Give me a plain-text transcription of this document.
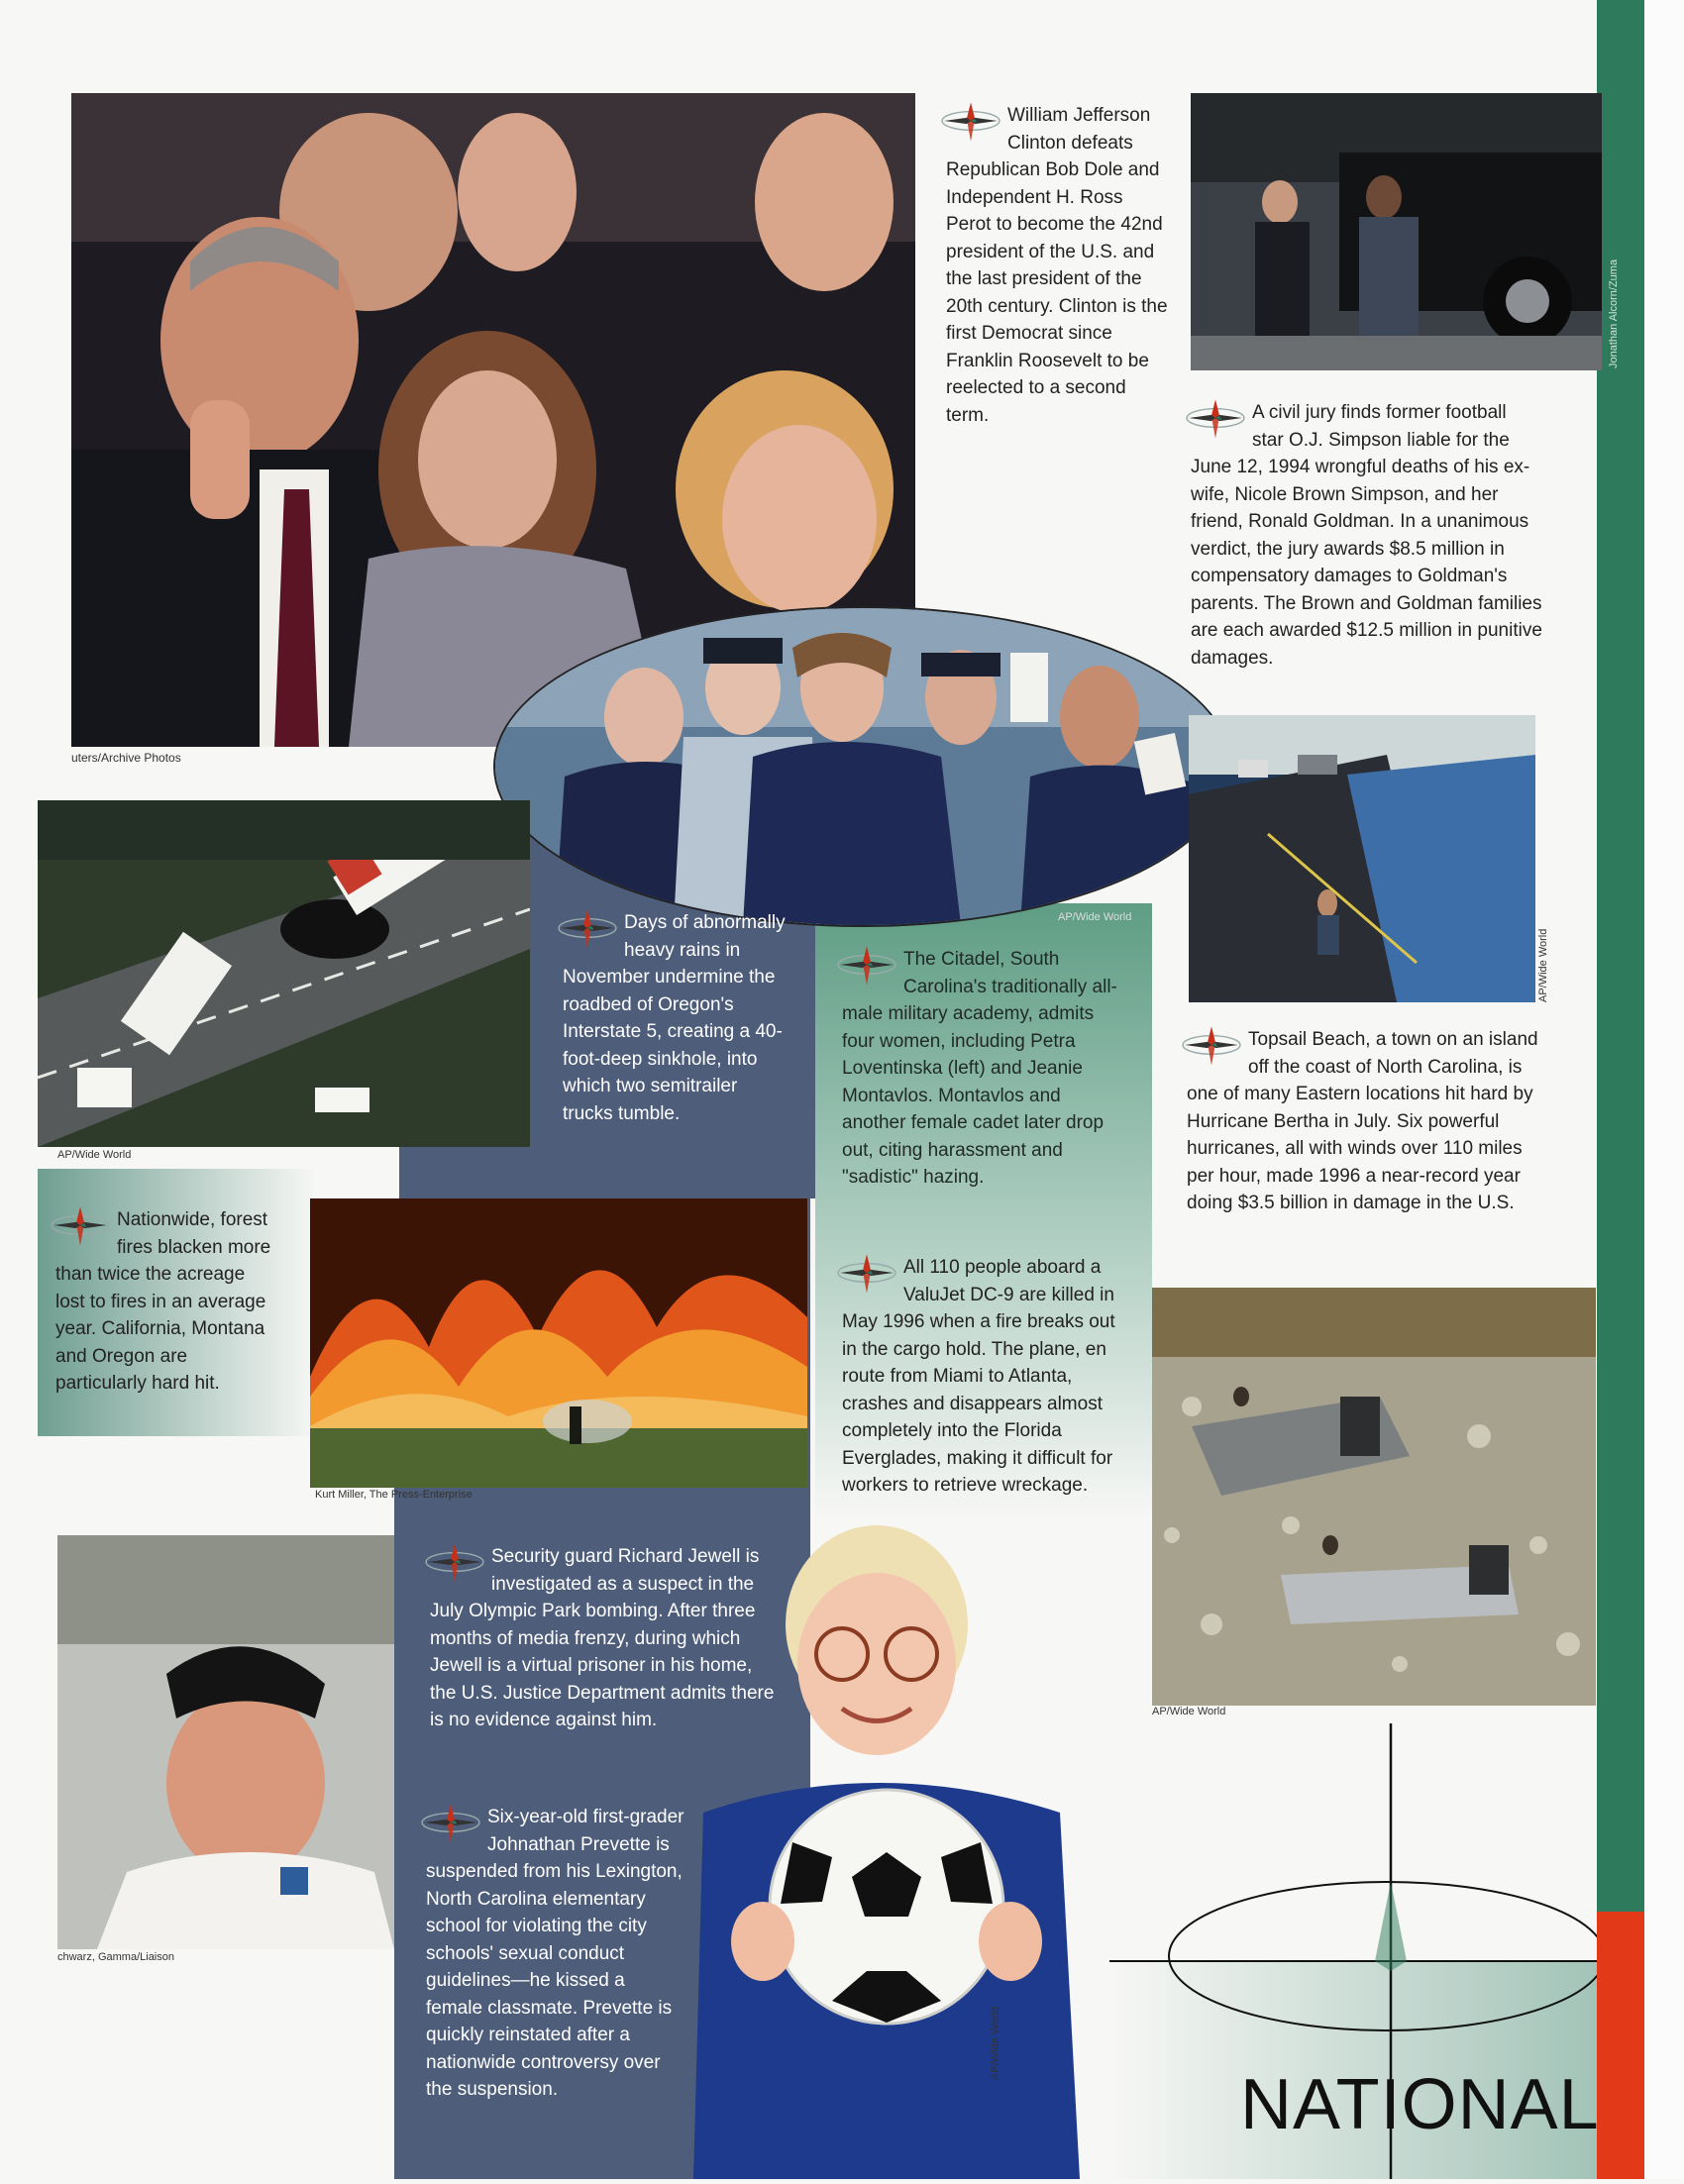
uters/Archive Photos

William Jefferson Clinton defeats Republican Bob Dole and Independent H. Ross Perot to become the 42nd president of the U.S. and the last president of the 20th century. Clinton is the first Democrat since Franklin Roosevelt to be reelected to a second term.

Jonathan Alcorn/Zuma

A civil jury finds former football star O.J. Simpson liable for the June 12, 1994 wrongful deaths of his ex-wife, Nicole Brown Simpson, and her friend, Ronald Goldman. In a unanimous verdict, the jury awards $8.5 million in compensatory damages to Goldman's parents. The Brown and Goldman families are each awarded $12.5 million in punitive damages.

AP/Wide World
AP/Wide World

Days of abnormally heavy rains in November undermine the roadbed of Oregon's Interstate 5, creating a 40-foot-deep sinkhole, into which two semitrailer trucks tumble.

The Citadel, South Carolina's traditionally all-male military academy, admits four women, including Petra Loventinska (left) and Jeanie Montavlos. Montavlos and another female cadet later drop out, citing harassment and "sadistic" hazing.

AP/Wide World

Topsail Beach, a town on an island off the coast of North Carolina, is one of many Eastern locations hit hard by Hurricane Bertha in July. Six powerful hurricanes, all with winds over 110 miles per hour, made 1996 a near-record year doing $3.5 billion in damage in the U.S.

Nationwide, forest fires blacken more than twice the acreage lost to fires in an average year. California, Montana and Oregon are particularly hard hit.

Kurt Miller, The Press-Enterprise

All 110 people aboard a ValuJet DC-9 are killed in May 1996 when a fire breaks out in the cargo hold. The plane, en route from Miami to Atlanta, crashes and disappears almost completely into the Florida Everglades, making it difficult for workers to retrieve wreckage.

AP/Wide World
chwarz, Gamma/Liaison

Security guard Richard Jewell is investigated as a suspect in the July Olympic Park bombing. After three months of media frenzy, during which Jewell is a virtual prisoner in his home, the U.S. Justice Department admits there is no evidence against him.

AP/Wide World

Six-year-old first-grader Johnathan Prevette is suspended from his Lexington, North Carolina elementary school for violating the city schools' sexual conduct guidelines—he kissed a female classmate. Prevette is quickly reinstated after a nationwide controversy over the suspension.	NATIONAL
